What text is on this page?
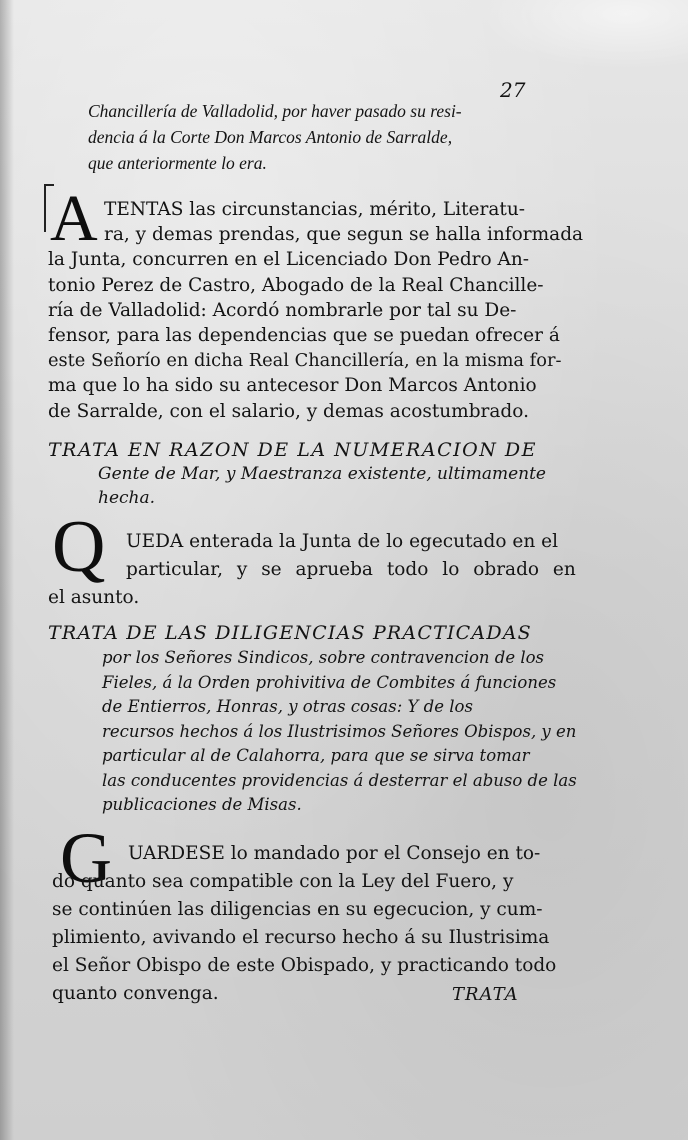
27
Chancillería de Valladolid, por haver pasado su resi-
dencia á la Corte Don Marcos Antonio de Sarralde,
que anteriormente lo era.
A TENTAS las circunstancias, mérito, Literatu-
ra, y demas prendas, que segun se halla informada
la Junta, concurren en el Licenciado Don Pedro An-
tonio Perez de Castro, Abogado de la Real Chancille-
ría de Valladolid: Acordó nombrarle por tal su De-
fensor, para las dependencias que se puedan ofrecer á
este Señorío en dicha Real Chancillería, en la misma for-
ma que lo ha sido su antecesor Don Marcos Antonio
de Sarralde, con el salario, y demas acostumbrado.
TRATA EN RAZON DE LA NUMERACION DE
Gente de Mar, y Maestranza existente, ultimamente
hecha.
Q UEDA enterada la Junta de lo egecutado en el
particular, y se aprueba todo lo obrado en
el asunto.
TRATA DE LAS DILIGENCIAS PRACTICADAS
por los Señores Sindicos, sobre contravencion de los
Fieles, á la Orden prohivitiva de Combites á funciones
de Entierros, Honras, y otras cosas: Y de los
recursos hechos á los Ilustrisimos Señores Obispos, y en
particular al de Calahorra, para que se sirva tomar
las conducentes providencias á desterrar el abuso de las
publicaciones de Misas.
G UARDESE lo mandado por el Consejo en to-
do quanto sea compatible con la Ley del Fuero, y
se continúen las diligencias en su egecucion, y cum-
plimiento, avivando el recurso hecho á su Ilustrisima
el Señor Obispo de este Obispado, y practicando todo
quanto convenga.	TRATA
